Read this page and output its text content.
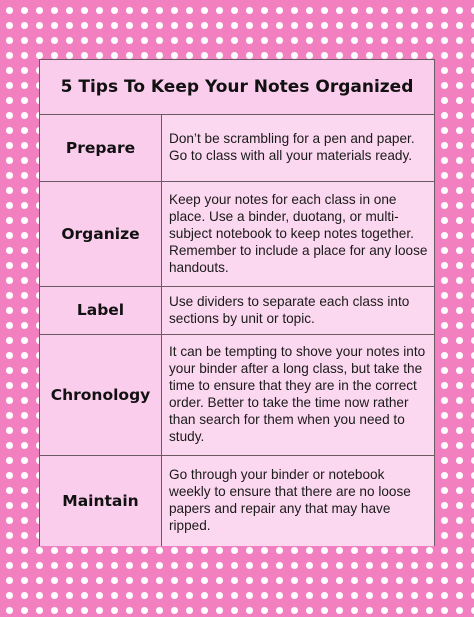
5 Tips To Keep Your Notes Organized
Prepare	Don’t be scrambling for a pen and paper. Go to class with all your materials ready.
Organize	Keep your notes for each class in one place. Use a binder, duotang, or multi-subject notebook to keep notes together. Remember to include a place for any loose handouts.
Label	Use dividers to separate each class into sections by unit or topic.
Chronology	It can be tempting to shove your notes into your binder after a long class, but take the time to ensure that they are in the correct order. Better to take the time now rather than search for them when you need to study.
Maintain	Go through your binder or notebook weekly to ensure that there are no loose papers and repair any that may have ripped.
